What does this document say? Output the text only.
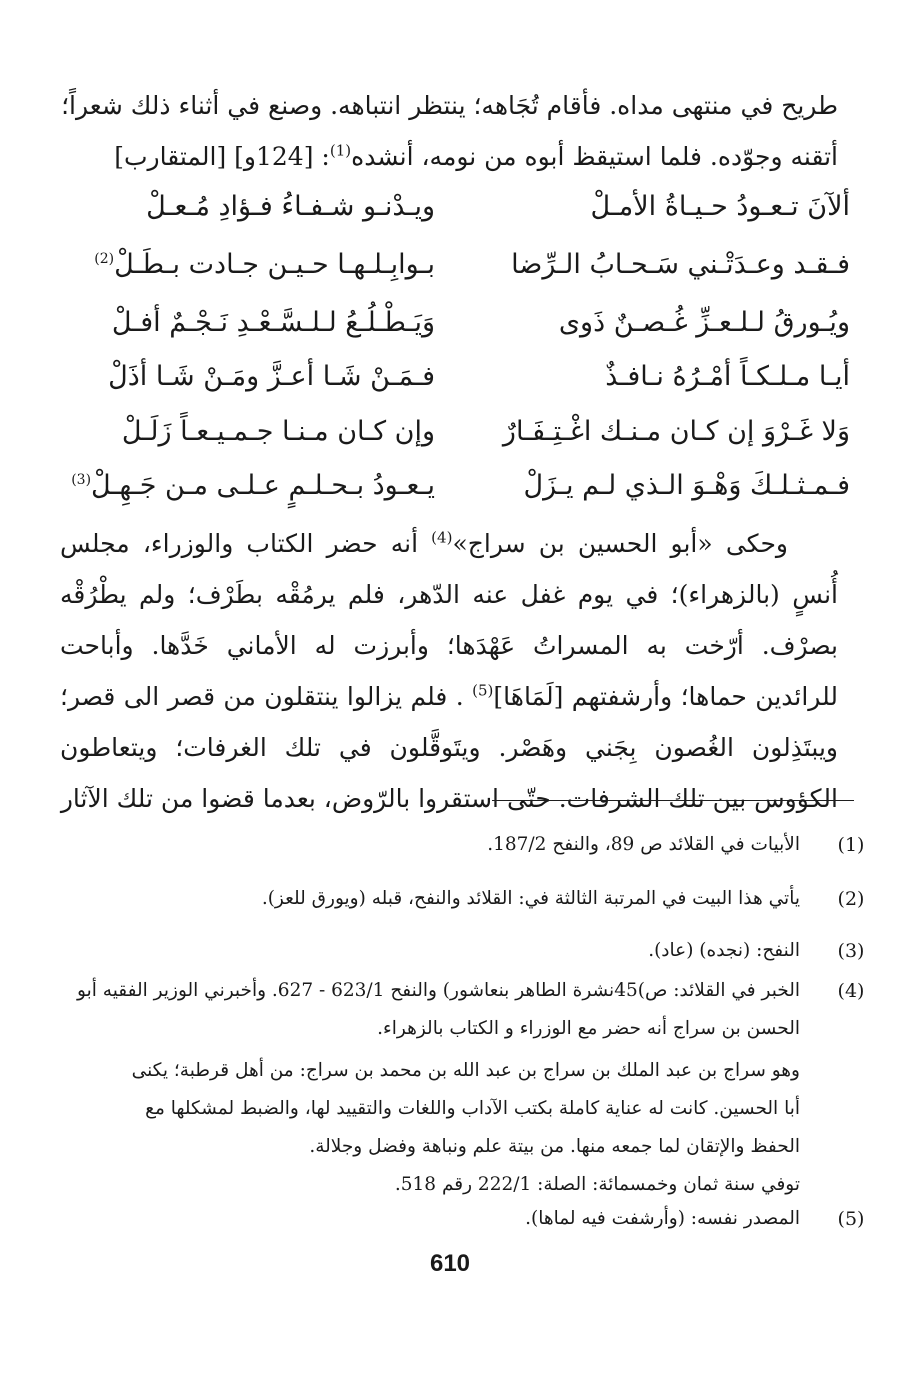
طريح في منتهى مداه. فأقام تُجَاهه؛ ينتظر انتباهه. وصنع في أثناء ذلك شعراً؛

أتقنه وجوّده. فلما استيقظ أبوه من نومه، أنشده$^{(1)}$: [124و] [المتقارب]

ألآنَ تـعـودُ حـيـاةُ الأمـلْ
ويـدْنـو شـفـاءُ فـؤادِ مُـعـلْ
فـقـد وعـدَتْـني سَـحـابُ الـرِّضا
بـوابِـلـهـا حـيـن جـادت بـطَـلْ$^{(2)}$
ويُـورقُ لـلـعـزِّ غُـصـنٌ ذَوى
وَيَـطْـلُـعُ لـلـسَّـعْـدِ نَـجْـمٌ أفـلْ
أيـا مـلـكـاً أمْـرُهُ نـافـذٌ
فـمَـنْ شَـا أعـزَّ ومَـنْ شَـا أذَلْ
وَلا غَـرْوَ إن كـان مـنـك اغْـتِـفَـارٌ
وإن كـان مـنـا جـمـيـعـاً زَلَـلْ
فـمـثـلـكَ وَهْـوَ الـذي لـم يـزَلْ
يـعـودُ بـحـلـمٍ عـلـى مـن جَـهِـلْ$^{(3)}$

وحكى «أبو الحسين بن سراج»$^{(4)}$ أنه حضر الكتاب والوزراء، مجلس أُنسٍ (بالزهراء)؛ في يوم غفل عنه الدّهر، فلم يرمُقْه بطَرْف؛ ولم يطْرُقْه بصرْف. أرّخت به المسراتُ عَهْدَها؛ وأبرزت له الأماني خَدَّها. وأباحت للرائدين حماها؛ وأرشفتهم [لَمَاهَا]$^{(5)}$ . فلم يزالوا ينتقلون من قصر الى قصر؛ ويبتَذِلون الغُصون بِجَني وهَصْر. ويتَوقَّلون في تلك الغرفات؛ ويتعاطون الكؤوس بين تلك الشرفات. حتّى استقروا بالرّوض، بعدما قضوا من تلك الآثار

(1)
الأبيات في القلائد ص 89، والنفح 187/2.
(2)
يأتي هذا البيت في المرتبة الثالثة في: القلائد والنفح، قبله (ويورق للعز).
(3)
النفح: (نجده) (عاد).
(4)
الخبر في القلائد: ص)45نشرة الطاهر بنعاشور) والنفح 623/1 - 627. وأخبرني الوزير الفقيه أبو
الحسن بن سراج أنه حضر مع الوزراء و الكتاب بالزهراء.
وهو سراج بن عبد الملك بن سراج بن عبد الله بن محمد بن سراج: من أهل قرطبة؛ يكنى
أبا الحسين. كانت له عناية كاملة بكتب الآداب واللغات والتقييد لها، والضبط لمشكلها مع
الحفظ والإتقان لما جمعه منها. من بيتة علم ونباهة وفضل وجلالة.
توفي سنة ثمان وخمسمائة: الصلة: 222/1 رقم 518.
(5)
المصدر نفسه: (وأرشفت فيه لماها).
610
